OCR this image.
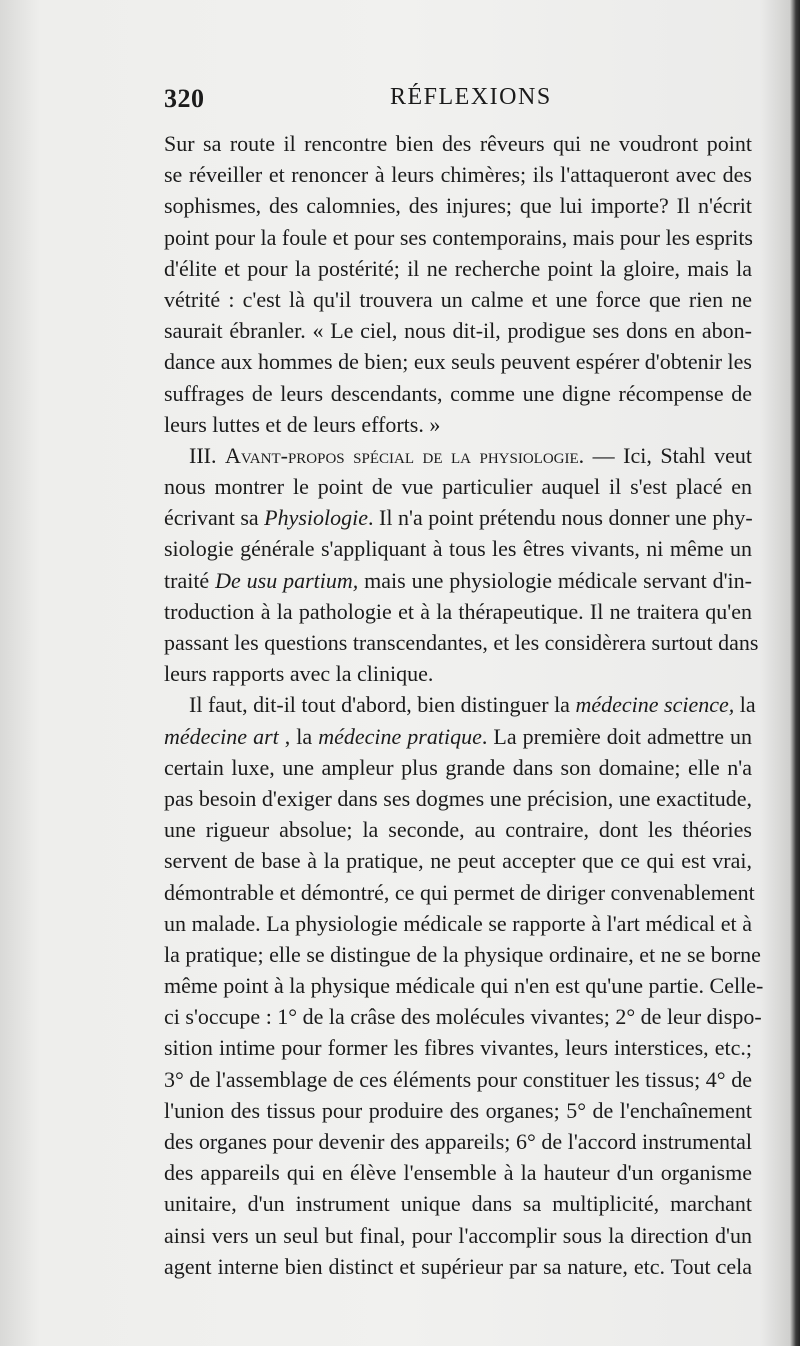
320	RÉFLEXIONS
Sur sa route il rencontre bien des rêveurs qui ne voudront point
se réveiller et renoncer à leurs chimères; ils l'attaqueront avec des
sophismes, des calomnies, des injures; que lui importe? Il n'écrit
point pour la foule et pour ses contemporains, mais pour les esprits
d'élite et pour la postérité; il ne recherche point la gloire, mais la
vétrité : c'est là qu'il trouvera un calme et une force que rien ne
saurait ébranler. « Le ciel, nous dit-il, prodigue ses dons en abon-
dance aux hommes de bien; eux seuls peuvent espérer d'obtenir les
suffrages de leurs descendants, comme une digne récompense de
leurs luttes et de leurs efforts. »
III. Avant-propos spécial de la physiologie. — Ici, Stahl veut
nous montrer le point de vue particulier auquel il s'est placé en
écrivant sa Physiologie. Il n'a point prétendu nous donner une phy-
siologie générale s'appliquant à tous les êtres vivants, ni même un
traité De usu partium, mais une physiologie médicale servant d'in-
troduction à la pathologie et à la thérapeutique. Il ne traitera qu'en
passant les questions transcendantes, et les considèrera surtout dans
leurs rapports avec la clinique.
Il faut, dit-il tout d'abord, bien distinguer la médecine science, la
médecine art , la médecine pratique. La première doit admettre un
certain luxe, une ampleur plus grande dans son domaine; elle n'a
pas besoin d'exiger dans ses dogmes une précision, une exactitude,
une rigueur absolue; la seconde, au contraire, dont les théories
servent de base à la pratique, ne peut accepter que ce qui est vrai,
démontrable et démontré, ce qui permet de diriger convenablement
un malade. La physiologie médicale se rapporte à l'art médical et à
la pratique; elle se distingue de la physique ordinaire, et ne se borne
même point à la physique médicale qui n'en est qu'une partie. Celle-
ci s'occupe : 1° de la crâse des molécules vivantes; 2° de leur dispo-
sition intime pour former les fibres vivantes, leurs interstices, etc.;
3° de l'assemblage de ces éléments pour constituer les tissus; 4° de
l'union des tissus pour produire des organes; 5° de l'enchaînement
des organes pour devenir des appareils; 6° de l'accord instrumental
des appareils qui en élève l'ensemble à la hauteur d'un organisme
unitaire, d'un instrument unique dans sa multiplicité, marchant
ainsi vers un seul but final, pour l'accomplir sous la direction d'un
agent interne bien distinct et supérieur par sa nature, etc. Tout cela
